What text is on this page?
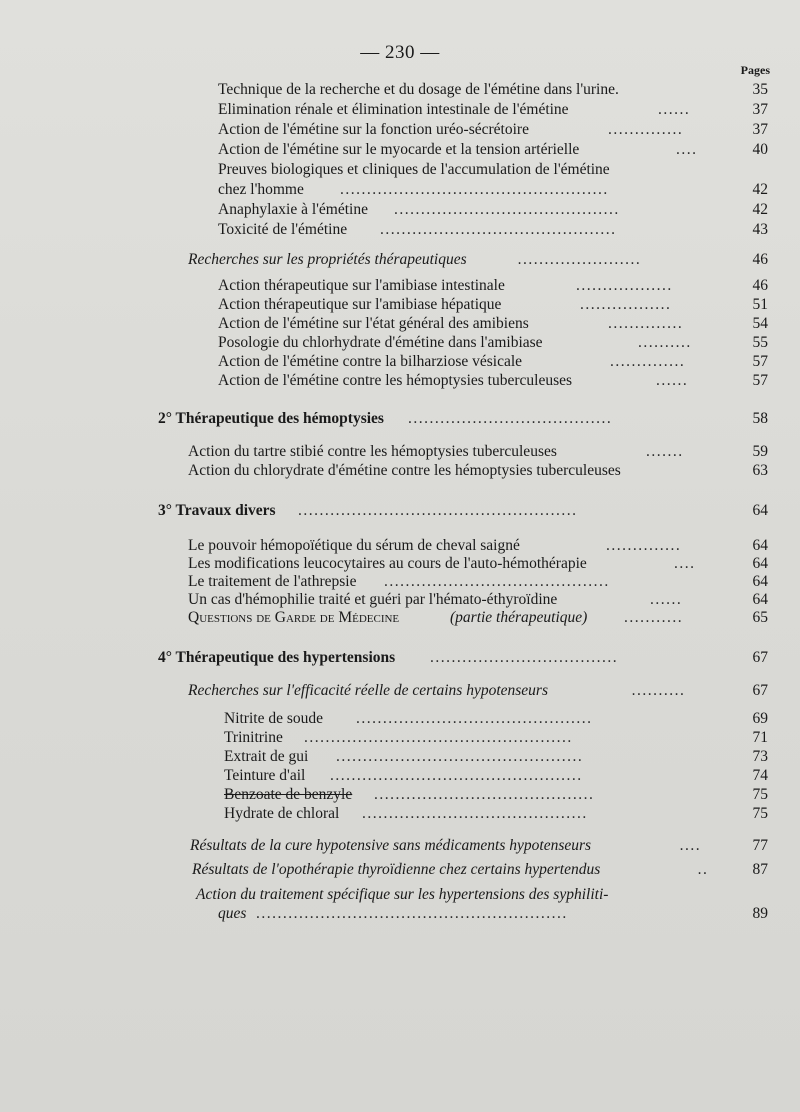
— 230 —
Pages
Technique de la recherche et du dosage de l'émétine dans l'urine.	35
Elimination rénale et élimination intestinale de l'émétine	......	37
Action de l'émétine sur la fonction uréo-sécrétoire	..............	37
Action de l'émétine sur le myocarde et la tension artérielle	....	40
Preuves biologiques et cliniques de l'accumulation de l'émétine
chez l'homme ..................................................	42
Anaphylaxie à l'émétine ..........................................	42
Toxicité de l'émétine ............................................	43
Recherches sur les propriétés thérapeutiques	.......................	46
Action thérapeutique sur l'amibiase intestinale	..................	46
Action thérapeutique sur l'amibiase hépatique	.................	51
Action de l'émétine sur l'état général des amibiens	..............	54
Posologie du chlorhydrate d'émétine dans l'amibiase	..........	55
Action de l'émétine contre la bilharziose vésicale	..............	57
Action de l'émétine contre les hémoptysies tuberculeuses	......	57
2° Thérapeutique des hémoptysies ......................................	58
Action du tartre stibié contre les hémoptysies tuberculeuses	.......	59
Action du chlorydrate d'émétine contre les hémoptysies tuberculeuses	63
3° Travaux divers ....................................................	64
Le pouvoir hémopoïétique du sérum de cheval saigné	..............	64
Les modifications leucocytaires au cours de l'auto-hémothérapie	....	64
Le traitement de l'athrepsie ..........................................	64
Un cas d'hémophilie traité et guéri par l'hémato-éthyroïdine	......	64
Questions de Garde de Médecine	(partie thérapeutique) ...........	65
4° Thérapeutique des hypertensions ...................................	67
Recherches sur l'efficacité réelle de certains hypotenseurs	..........	67
Nitrite de soude ............................................	69
Trinitrine ..................................................	71
Extrait de gui ..............................................	73
Teinture d'ail ...............................................	74
Benzoate de benzyle .........................................	75
Hydrate de chloral ..........................................	75
Résultats de la cure hypotensive sans médicaments hypotenseurs	....	77
Résultats de l'opothérapie thyroïdienne chez certains hypertendus	..	87
Action du traitement spécifique sur les hypertensions des syphiliti-
ques ..........................................................	89
